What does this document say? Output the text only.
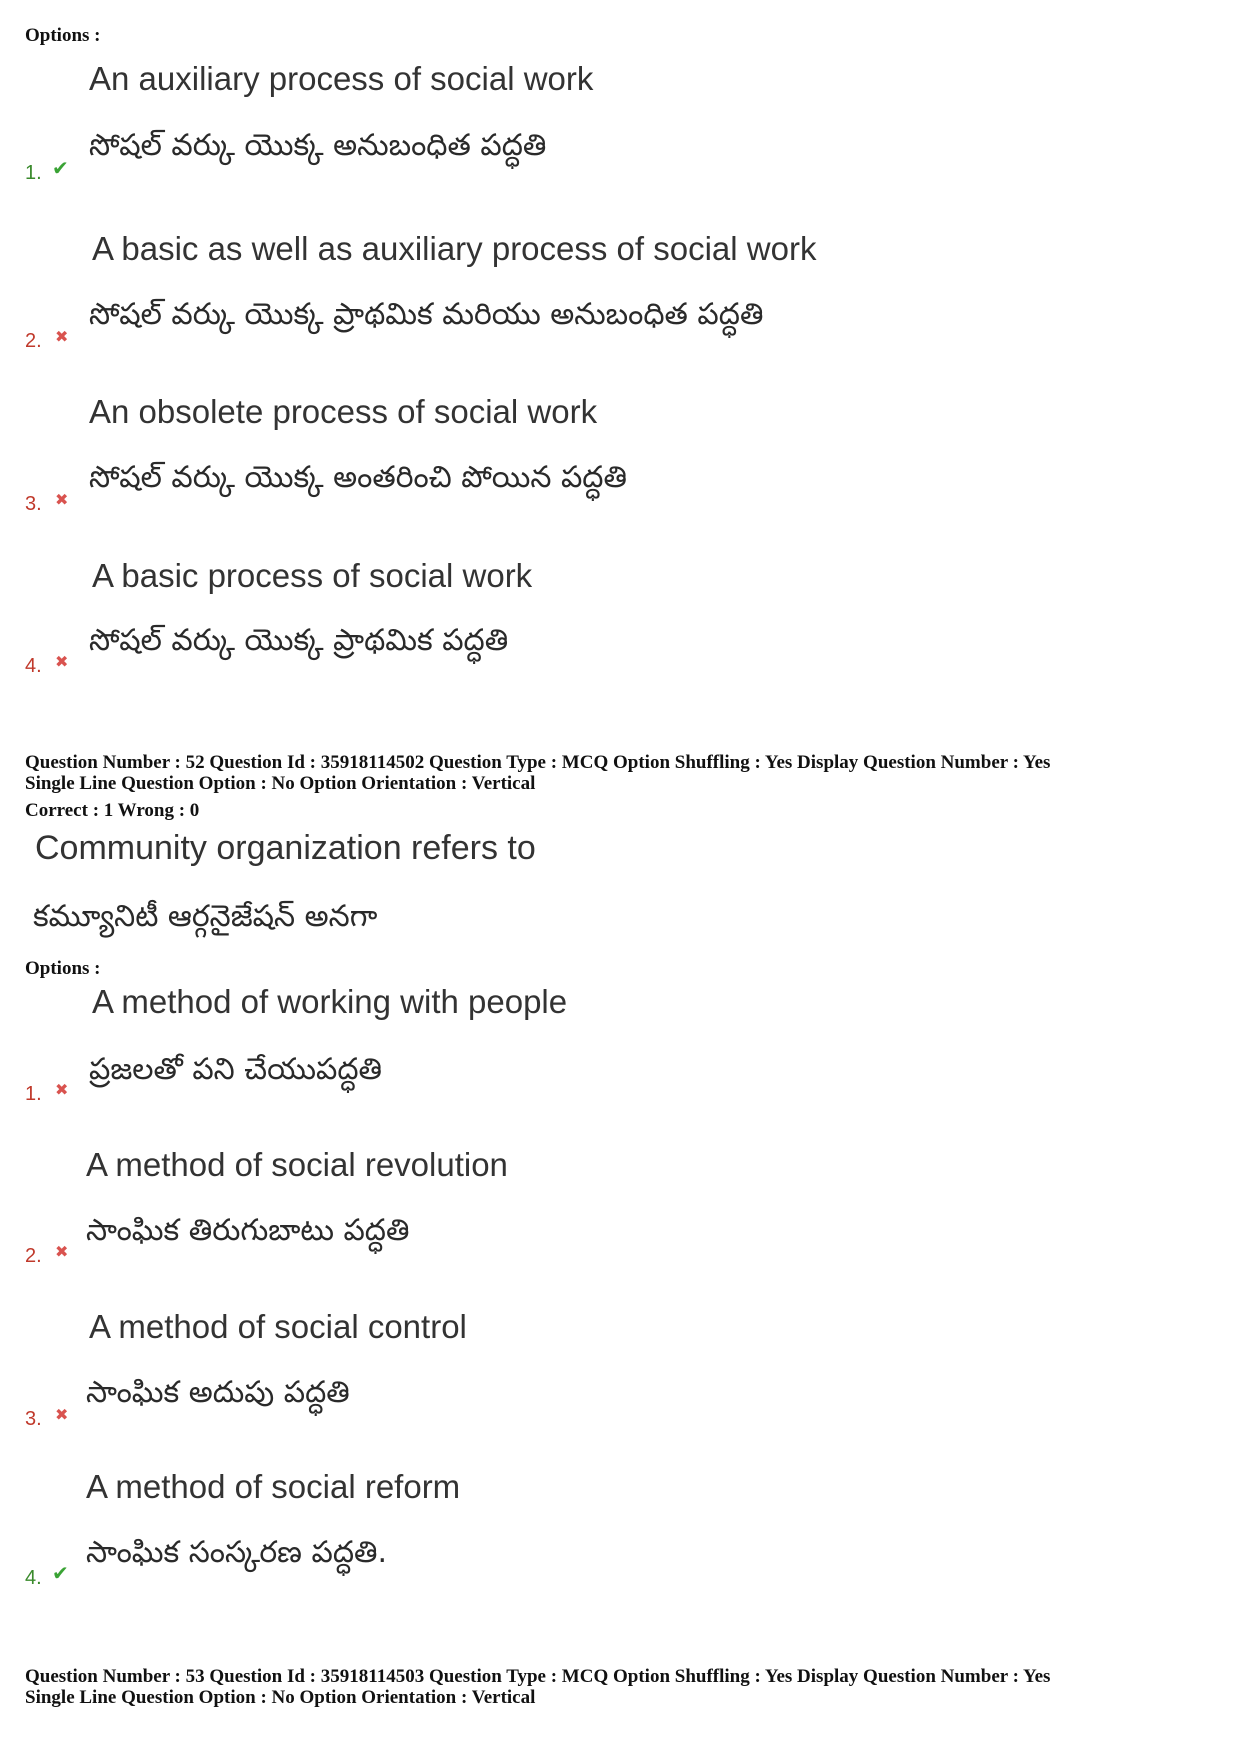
Options :
An auxiliary process of social work
సోషల్ వర్కు యొక్క అనుబంధిత పద్ధతి
1. ✔
A basic as well as auxiliary process of social work
సోషల్ వర్కు యొక్క ప్రాథమిక మరియు అనుబంధిత పద్ధతి
2. ✖
An obsolete process of social work
సోషల్ వర్కు యొక్క అంతరించి పోయిన పద్ధతి
3. ✖
A basic process of social work
సోషల్ వర్కు యొక్క ప్రాథమిక పద్ధతి
4. ✖
Question Number : 52 Question Id : 35918114502 Question Type : MCQ Option Shuffling : Yes Display Question Number : Yes
Single Line Question Option : No Option Orientation : Vertical
Correct : 1 Wrong : 0
Community organization refers to
కమ్యూనిటీ ఆర్గనైజేషన్ అనగా
Options :
A method of working with people
ప్రజలతో పని చేయుపద్ధతి
1. ✖
A method of social revolution
సాంఘిక తిరుగుబాటు పద్ధతి
2. ✖
A method of social control
సాంఘిక అదుపు పద్ధతి
3. ✖
A method of social reform
సాంఘిక సంస్కరణ పద్ధతి.
4. ✔
Question Number : 53 Question Id : 35918114503 Question Type : MCQ Option Shuffling : Yes Display Question Number : Yes
Single Line Question Option : No Option Orientation : Vertical
